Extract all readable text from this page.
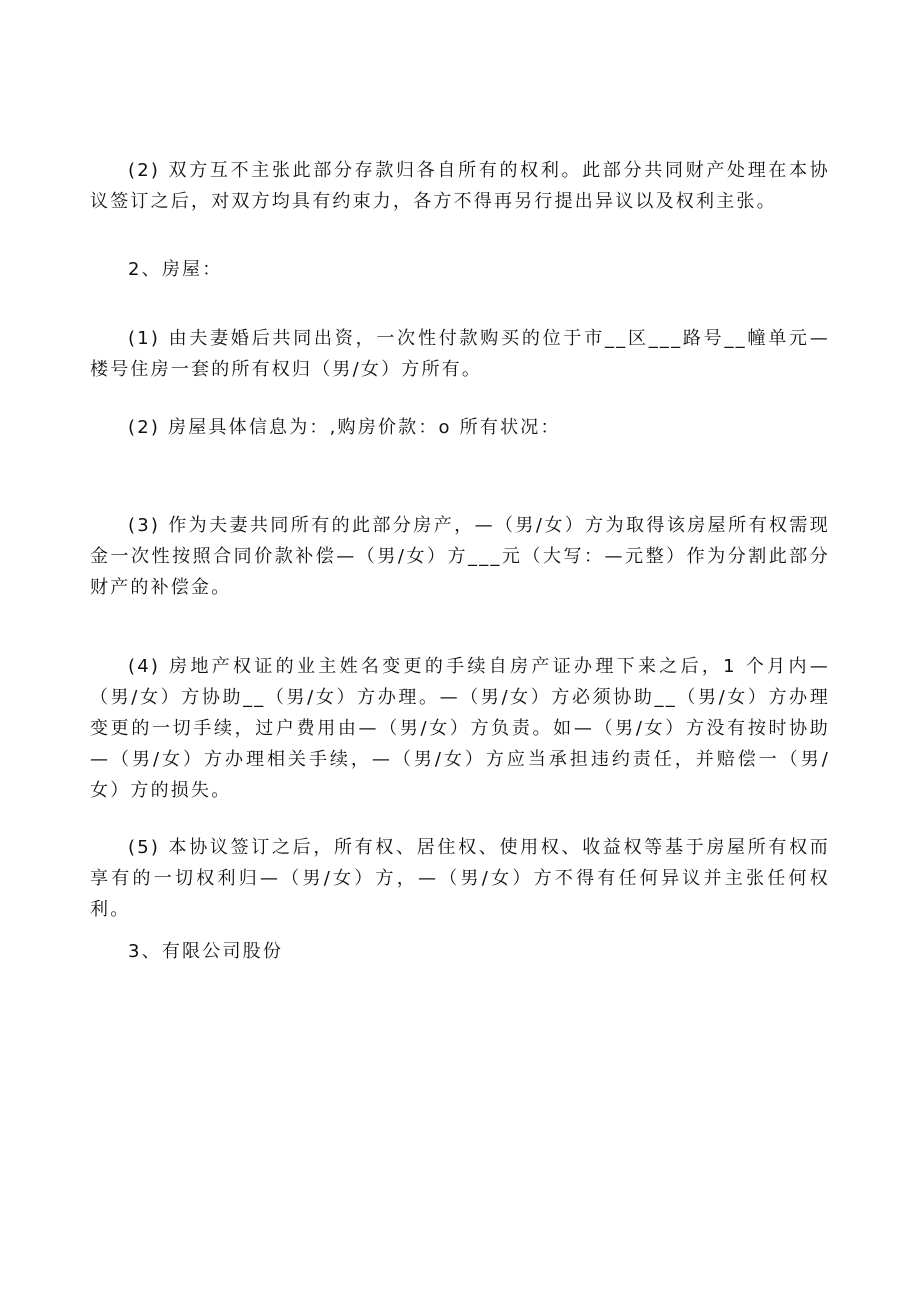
(2) 双方互不主张此部分存款归各自所有的权利。此部分共同财产处理在本协议签订之后，对双方均具有约束力，各方不得再另行提出异议以及权利主张。

2、房屋：

(1) 由夫妻婚后共同出资，一次性付款购买的位于市__区___路号__幢单元—楼号住房一套的所有权归（男/女）方所有。

(2) 房屋具体信息为：,购房价款：o 所有状况：

(3) 作为夫妻共同所有的此部分房产，—（男/女）方为取得该房屋所有权需现金一次性按照合同价款补偿—（男/女）方___元（大写：—元整）作为分割此部分财产的补偿金。

(4) 房地产权证的业主姓名变更的手续自房产证办理下来之后，1 个月内—（男/女）方协助__（男/女）方办理。—（男/女）方必须协助__（男/女）方办理变更的一切手续，过户费用由—（男/女）方负责。如—（男/女）方没有按时协助—（男/女）方办理相关手续，—（男/女）方应当承担违约责任，并赔偿一（男/女）方的损失。

(5) 本协议签订之后，所有权、居住权、使用权、收益权等基于房屋所有权而享有的一切权利归—（男/女）方，—（男/女）方不得有任何异议并主张任何权利。

3、有限公司股份
